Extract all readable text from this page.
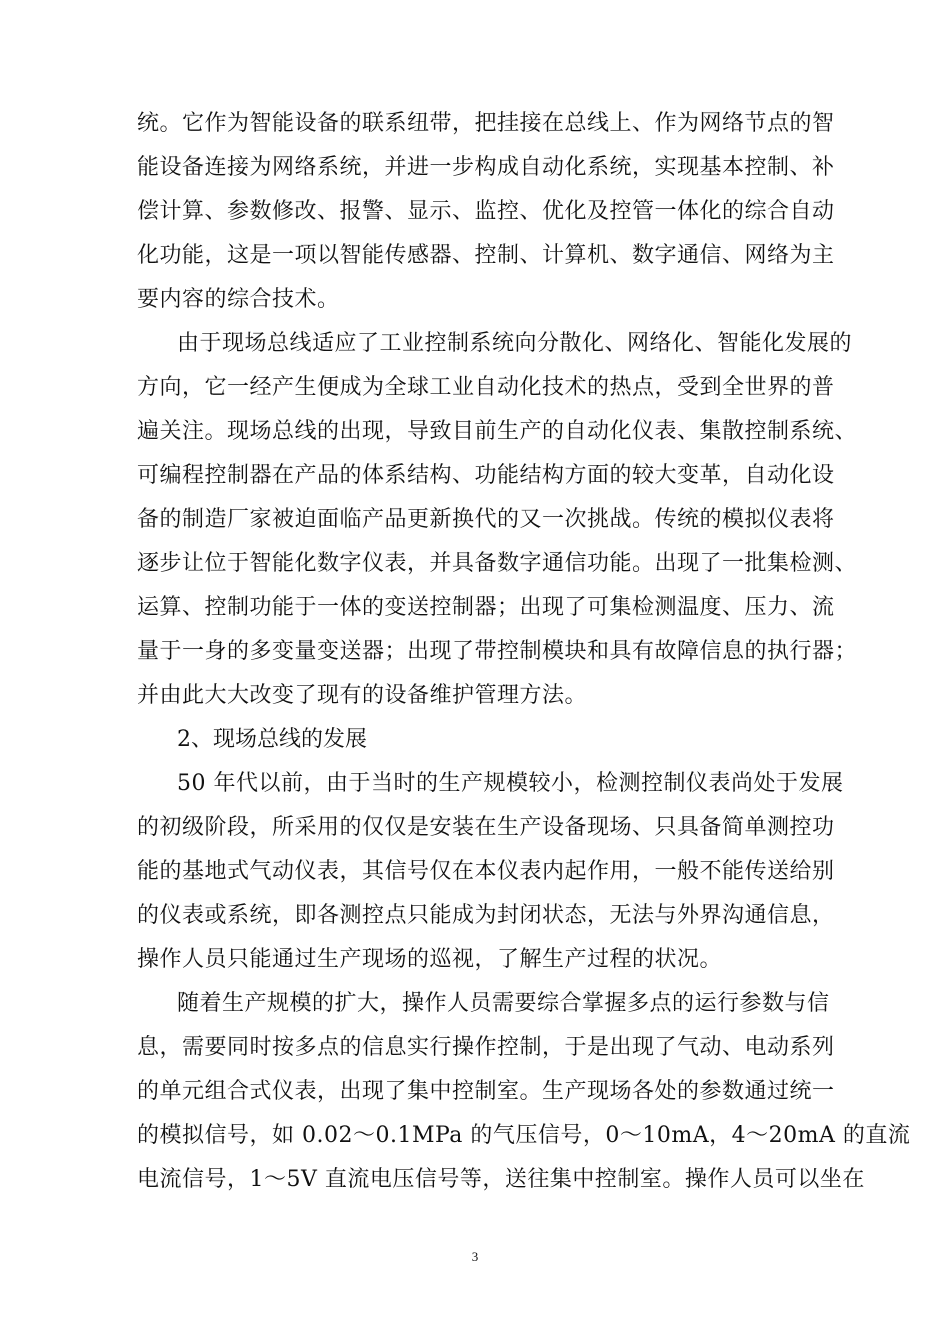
统。它作为智能设备的联系纽带，把挂接在总线上、作为网络节点的智
能设备连接为网络系统，并进一步构成自动化系统，实现基本控制、补
偿计算、参数修改、报警、显示、监控、优化及控管一体化的综合自动
化功能，这是一项以智能传感器、控制、计算机、数字通信、网络为主
要内容的综合技术。
由于现场总线适应了工业控制系统向分散化、网络化、智能化发展的
方向，它一经产生便成为全球工业自动化技术的热点，受到全世界的普
遍关注。现场总线的出现，导致目前生产的自动化仪表、集散控制系统、
可编程控制器在产品的体系结构、功能结构方面的较大变革，自动化设
备的制造厂家被迫面临产品更新换代的又一次挑战。传统的模拟仪表将
逐步让位于智能化数字仪表，并具备数字通信功能。出现了一批集检测、
运算、控制功能于一体的变送控制器；出现了可集检测温度、压力、流
量于一身的多变量变送器；出现了带控制模块和具有故障信息的执行器；
并由此大大改变了现有的设备维护管理方法。
2、现场总线的发展
50 年代以前，由于当时的生产规模较小，检测控制仪表尚处于发展
的初级阶段，所采用的仅仅是安装在生产设备现场、只具备简单测控功
能的基地式气动仪表，其信号仅在本仪表内起作用，一般不能传送给别
的仪表或系统，即各测控点只能成为封闭状态，无法与外界沟通信息，
操作人员只能通过生产现场的巡视，了解生产过程的状况。
随着生产规模的扩大，操作人员需要综合掌握多点的运行参数与信
息，需要同时按多点的信息实行操作控制，于是出现了气动、电动系列
的单元组合式仪表，出现了集中控制室。生产现场各处的参数通过统一
的模拟信号，如 0.02～0.1MPa 的气压信号，0～10mA，4～20mA 的直流
电流信号，1～5V 直流电压信号等，送往集中控制室。操作人员可以坐在
3
